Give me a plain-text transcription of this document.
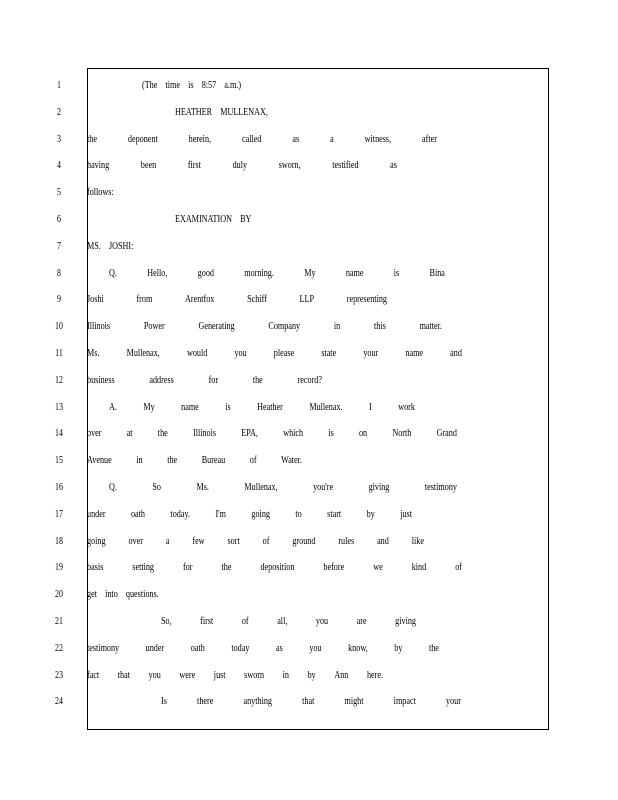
1	(The time is 8:57 a.m.)
2	HEATHER MULLENAX,
3	the	deponent	herein,	called	as	a	witness,	after
4	having	been	first	duly	sworn,	testified	as
5	follows:
6	EXAMINATION BY
7	MS. JOSHI:
8	Q.	Hello,	good	morning.	My	name	is	Bina
9	Joshi	from	Arentfox	Schiff	LLP	representing
10 Illinois	Power	Generating	Company	in	this	matter.
11 Ms. Mullenax, would you please state your name and
12 business	address	for	the	record?
13	A. My name is Heather Mullenax. I work
14 over at the Illinois EPA, which is on North Grand
15 Avenue in the Bureau of Water.
16	Q.	So	Ms.	Mullenax,	you're	giving	testimony
17 under oath today. I'm going to start by just
18 going over a few sort of ground rules and like
19 basis	setting	for	the	deposition	before	we	kind	of
20 get into questions.
21	So,	first	of	all,	you	are	giving
22 testimony under oath today as you know, by the
23 fact that you were just sworn in by Ann here.
24	Is	there	anything	that	might	impact	your
